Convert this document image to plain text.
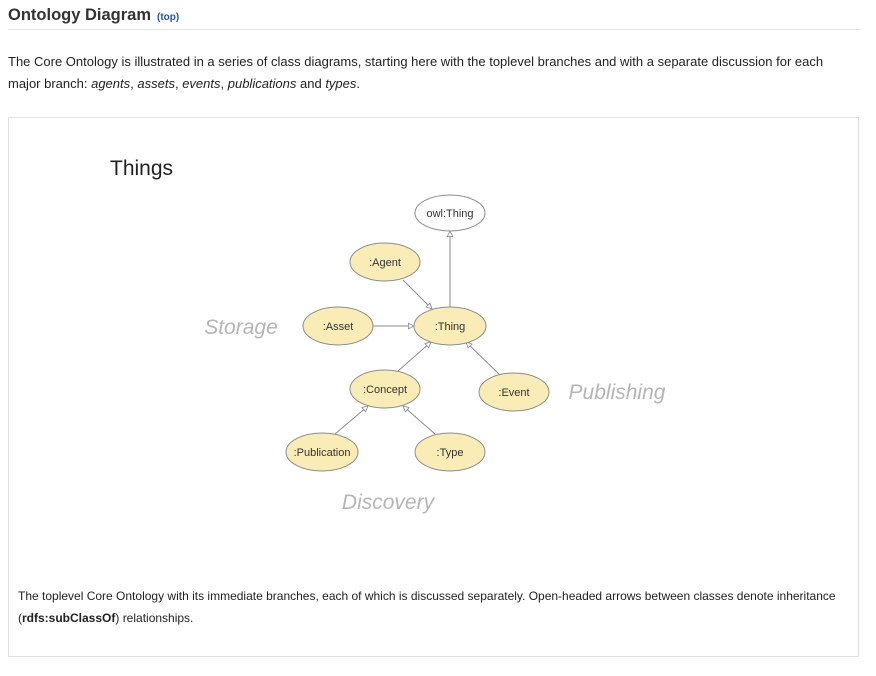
Ontology Diagram (top)

The Core Ontology is illustrated in a series of class diagrams, starting here with the toplevel branches and with a separate discussion for each major branch: agents, assets, events, publications and types.

Things
owl:Thing
:Agent
:Asset	:Thing
:Concept	:Event
:Publication	:Type
Storage
Publishing
Discovery

The toplevel Core Ontology with its immediate branches, each of which is discussed separately. Open-headed arrows between classes denote inheritance (rdfs:subClassOf) relationships.
